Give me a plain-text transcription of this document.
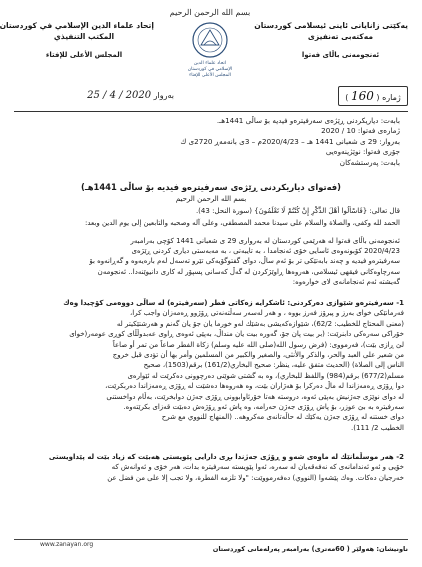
بسم الله الرحمن الرحيم
یەکێتی زانایانی ئاینی ئیسلامی کوردستان
مەکتەبی تەنفیزی
ئەنجومەنی باڵای فەتوا
اتحاد علماء الدين
الإسلامي في كوردستان
المجلس الأعلى للإفتاء
إتحاد علماء الدين الإسلامي في كوردستان
المكتب التنفيذي
المجلس الأعلى للإفتاء
ژمارە ( 160 )
بەروار 2020 / 4 / 25
بابەت: دیاریکردنی ڕێژەی سەرفیترەو فیدیە بۆ ساڵی 1441هـ.
ژمارەی فەتوا: 10 / 2020
بەروار: 29 ی شعبانی 1441 هـ – 2020/4/23م – 3ی بانەمەڕ 2720ی ك
جۆری فەتوا: نوێژینەوەیی
بابەت: پەرستشەکان
(فەتوای دیاریکردنی ڕێژەی سەرفیترەو فیدیە بۆ ساڵی 1441هـ)
بسم الله الرحمن الرحيم
قال تعالى: {فَاسْأَلُوا أَهْلَ الذِّكْرِ إِنْ كُنْتُمْ لَا تَعْلَمُونَ} (سورة النحل: 43).
الحمد لله وكفى، والصلاة والسلام على سيدنا محمد المصطفى، وعلى آله وصحبه والتابعين إلى يوم الدين وبعد:
ئەنجومەنی باڵای فەتوا لە هەرێمی کوردستان لە بەرواری 29 ی شعبانی 1441 کۆچی بەرامبەر
2020/4/23 کۆبونەوەی ئاسایی خۆی ئەنجامدا ، بە تایبەتی ، بە مەبەستی دیاری کردنی ڕێژەی
سەرفیترەو فیدیە و چەند بابەتێکی تر بۆ ئەم ساڵ، دوای گفتوگۆیەکی تێرو تەسەل لەم بارەیەوە و گەڕانەوە بۆ
سەرچاوەکانی فیقهی ئیسلامی، هەروەها ڕاوێژکردن لە گەڵ کەسانی پسپۆر لە کاری دانیوێنەدا.. ئەنجومەن
گەیشتە ئەم ئەنجامانەی لای خوارەوە:
1- سەرفیترەو شێوازی دەرکردنی: ئاشکرایە زەکاتی فطر (سەرفیترە) لە ساڵی دووەمی کۆچیدا وەك
فەرمانێکی خوای بەرز و پیرۆز فەرز بووە ، و هەر لەسەر سەڵتەنەتی ڕۆژوو ڕەمەزان واجب کرا،
(معنى المحتاج للخطيب: 62/2)، شێوازەکەیشی بەشێك لەو خورما یان جۆ یان گەنم و هەرشتێکیتر لە
خۆراکی سەرەکی دابنرێت: (بر بیت پان جۆ، گەورە بیت یان منداڵ، بەپێی ئەوەی ڕاوی عەبدوڵڵای کوڕی عومەر(خوای
لێ ڕازی بێت)، فەرمووی: (فرض رسول الله(صلى الله عليه وسلم) زكاة الفطر صاعاً من تمر أو صاعاً
من شعير على العبد والحر، والذكر والأنثى، والصغير والكبير من المسلمين وأمر بها أن تؤدى قبل خروج
الناس إلى الصلاة) (الحديث متفق عليه، ينظر: صحيح البخاري(161/2) برقم(1503)، صحيح
مسلم(677/2) برقم(984) واللفظ للبخاري)، وە بە گشتی شوێنی دەرچوونی دەکرێت لە ئێوارەی
دوا ڕۆژی ڕەمەزاندا لە ماڵ دەرکرا بۆ هەژاران بێت، وە هەروەها دەشێت لە ڕۆژی ڕەمەزاندا دەربکرێت،
لە دوای نوێژی جەژنیش بەپێی ئەوە، دروستە هەتا خۆرئاوابوونی ڕۆژی جەژن دوابخرێت، بەڵام دواخستنی
سەرفیترە بە بێ عوزر، بۆ پاش ڕۆژی جەژن حەرامە، وە پاش ئەو ڕۆژەش دەبێت قەزای بکرێتەوە.
دوای خستنە لە ڕۆژی جەژن یەکێك لە حاڵەتانەی مەکروهە.. (المنهاج للنووي مع شرح
الخطيب 2/ 111).
2- هەر موسڵمانێك لە ماوەی شەو و ڕۆژی جەژندا بڕی دارایی پێویستی هەبێت کە زیاد بێت لە پێداویستی
خۆیی و ئەو ئەندامانەی کە نەفەقەیان لە سەرە، ئەوا پێویستە سەرفیترە بدات، هەر خۆی و ئەوانەش کە
خەرجیان دەکات. وەك پێشەوا (النووي) دەفەرمووێت: "ولا تلزمه الفطرة، ولا تجب إلا على من فضل عن
ناونیشان: هەولێر ( 60مەتری) بەرامبەر پەرلەمانی کوردستان
www.zanayan.org
